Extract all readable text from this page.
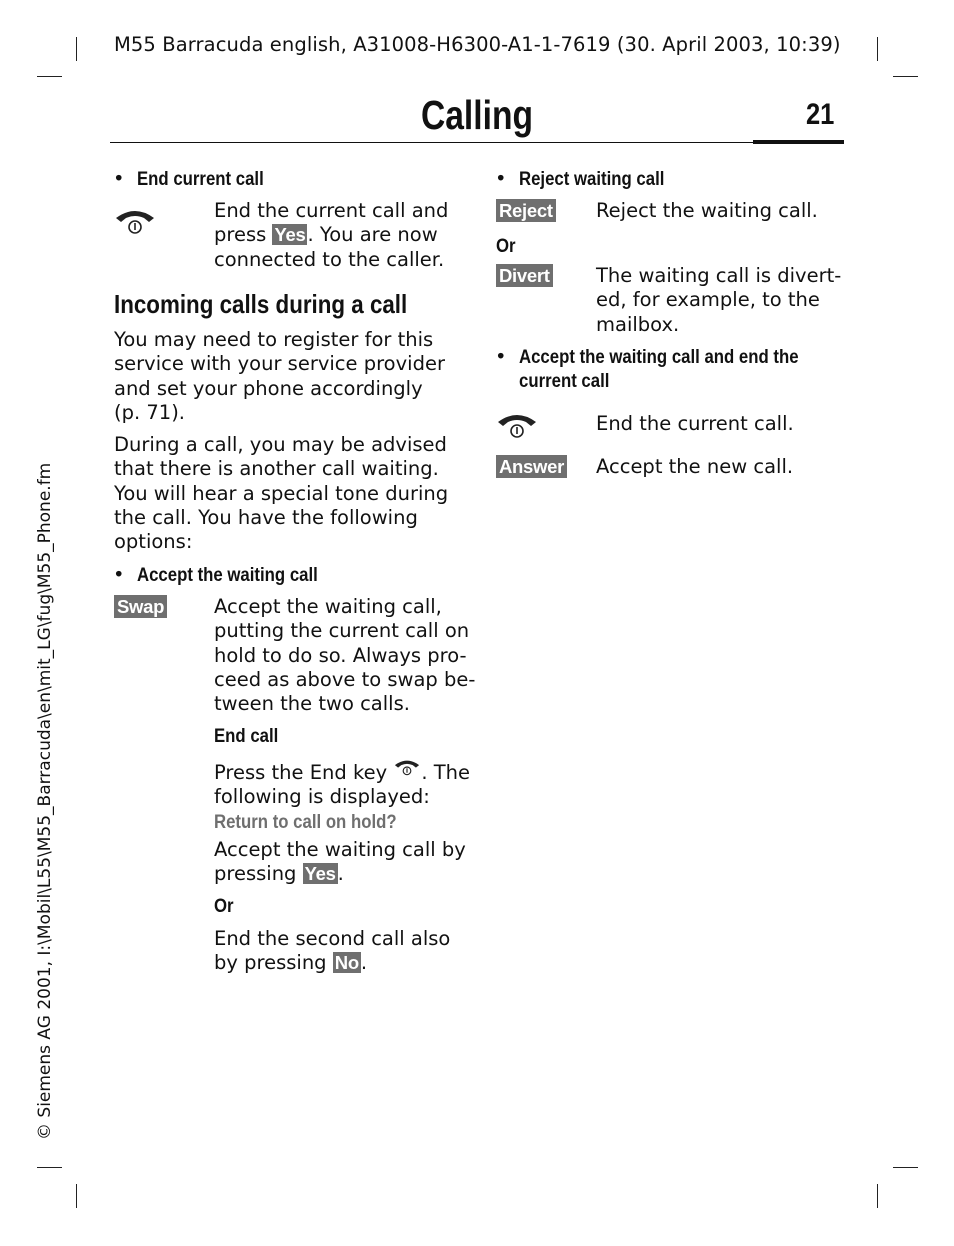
M55 Barracuda english, A31008-H6300-A1-1-7619 (30. April 2003, 10:39)
Calling	21
© Siemens AG 2001, I:\Mobil\L55\M55_Barracuda\en\mit_LG\fug\M55_Phone.fm
• End current call
End the current call and
press Yes . You are now
connected to the caller.
Incoming calls during a call
You may need to register for this
service with your service provider
and set your phone accordingly
(p. 71).
During a call, you may be advised
that there is another call waiting.
You will hear a special tone during
the call. You have the following
options:
• Accept the waiting call
Swap	Accept the waiting call,
putting the current call on
hold to do so. Always pro-
ceed as above to swap be-
tween the two calls.
End call
Press the End key . The
following is displayed:
Return to call on hold?
Accept the waiting call by
pressing Yes .
Or
End the second call also
by pressing No .
• Reject waiting call
Reject Reject the waiting call.
Or
Divert The waiting call is divert-
ed, for example, to the
mailbox.
• Accept the waiting call and end the
current call
End the current call.
Answer Accept the new call.
